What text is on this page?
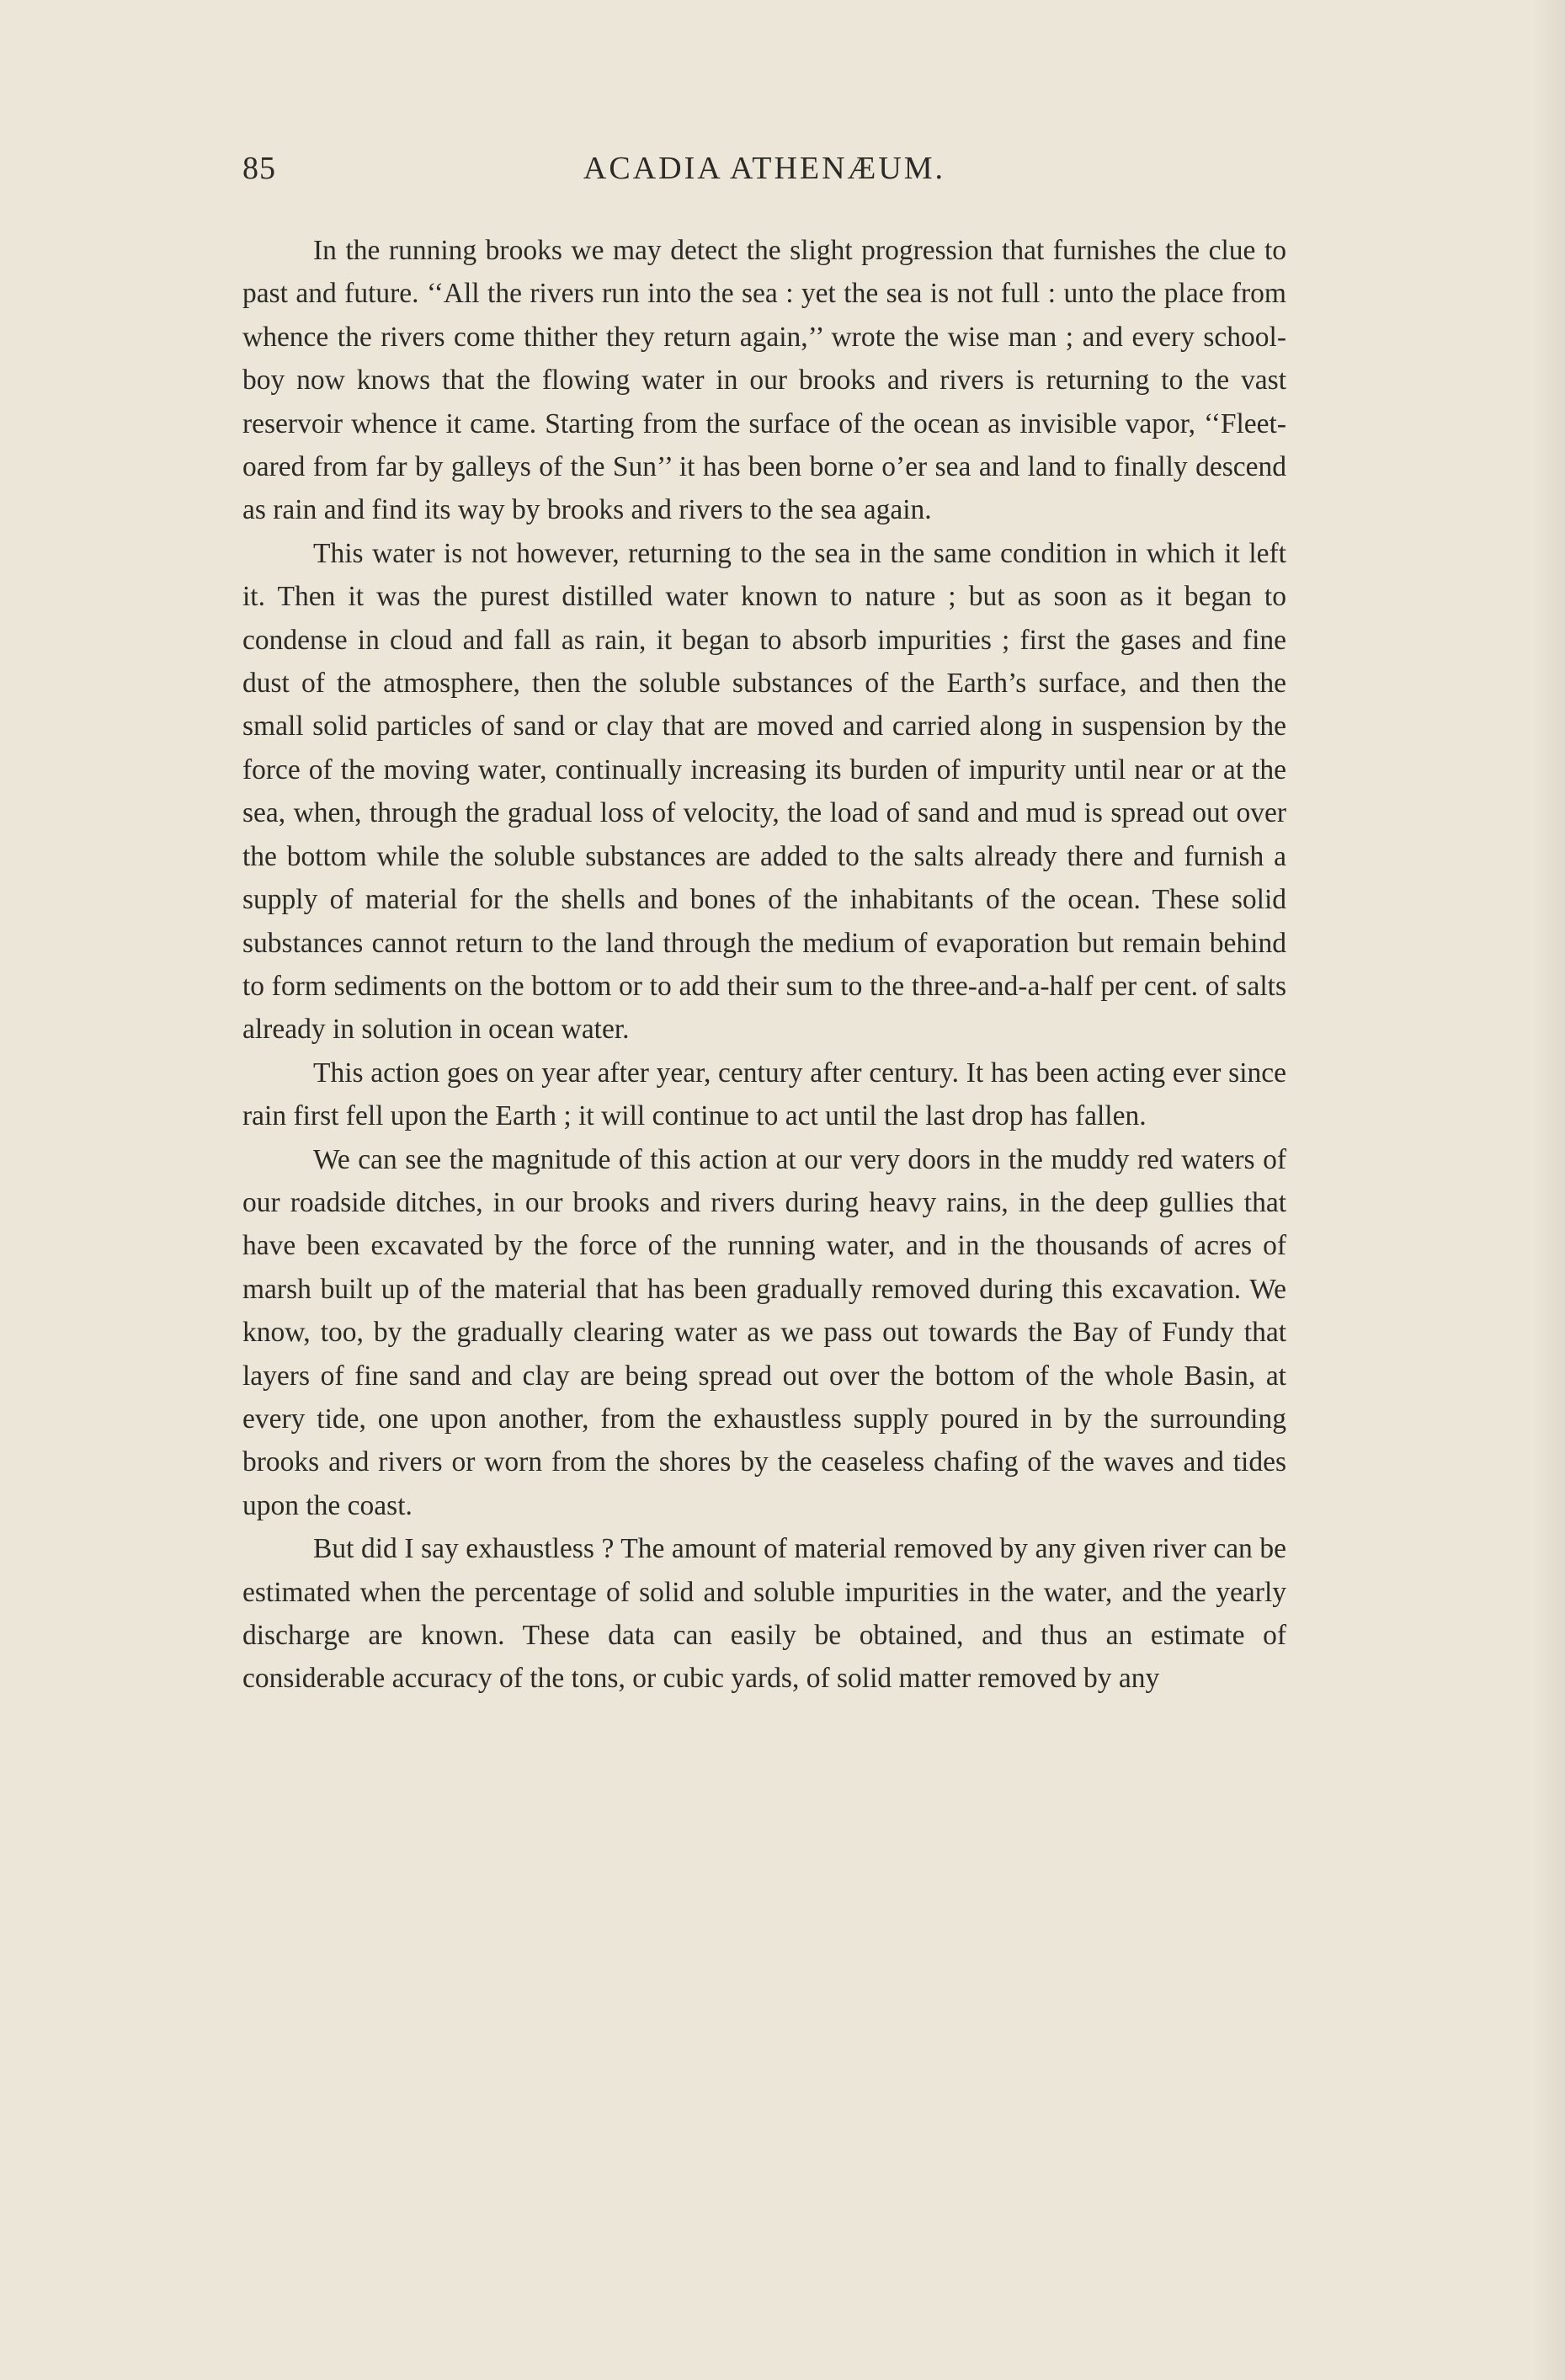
85	ACADIA ATHENÆUM.

In the running brooks we may detect the slight progression that furnishes the clue to past and future. ‘‘All the rivers run into the sea : yet the sea is not full : unto the place from whence the rivers come thither they return again,’’ wrote the wise man ; and every school-boy now knows that the flowing water in our brooks and rivers is returning to the vast reservoir whence it came. Starting from the surface of the ocean as invisible vapor, ‘‘Fleet-oared from far by galleys of the Sun’’ it has been borne o’er sea and land to finally descend as rain and find its way by brooks and rivers to the sea again.

This water is not however, returning to the sea in the same condition in which it left it. Then it was the purest distilled water known to nature ; but as soon as it began to condense in cloud and fall as rain, it began to absorb impurities ; first the gases and fine dust of the atmosphere, then the soluble substances of the Earth’s surface, and then the small solid particles of sand or clay that are moved and carried along in suspension by the force of the moving water, continually increasing its burden of impurity until near or at the sea, when, through the gradual loss of velocity, the load of sand and mud is spread out over the bottom while the soluble substances are added to the salts already there and furnish a supply of material for the shells and bones of the inhabitants of the ocean. These solid substances cannot return to the land through the medium of evaporation but remain behind to form sediments on the bottom or to add their sum to the three-and-a-half per cent. of salts already in solution in ocean water.

This action goes on year after year, century after century. It has been acting ever since rain first fell upon the Earth ; it will continue to act until the last drop has fallen.

We can see the magnitude of this action at our very doors in the muddy red waters of our roadside ditches, in our brooks and rivers during heavy rains, in the deep gullies that have been excavated by the force of the running water, and in the thousands of acres of marsh built up of the material that has been gradually removed during this excavation. We know, too, by the gradually clearing water as we pass out towards the Bay of Fundy that layers of fine sand and clay are being spread out over the bottom of the whole Basin, at every tide, one upon another, from the exhaustless supply poured in by the surrounding brooks and rivers or worn from the shores by the ceaseless chafing of the waves and tides upon the coast.

But did I say exhaustless ? The amount of material removed by any given river can be estimated when the percentage of solid and soluble impurities in the water, and the yearly discharge are known. These data can easily be obtained, and thus an estimate of considerable accuracy of the tons, or cubic yards, of solid matter removed by any
